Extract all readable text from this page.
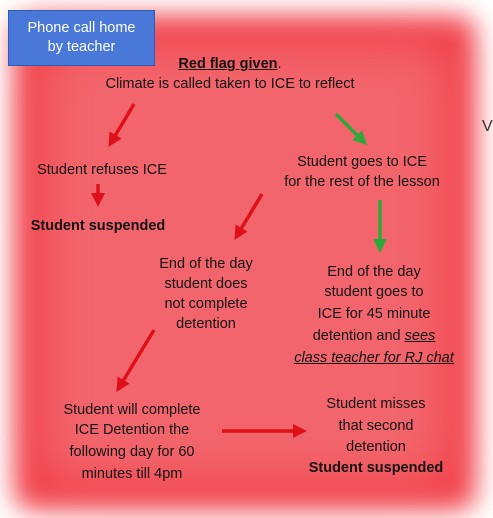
Phone call home
by teacher
Red flag given.
Climate is called taken to ICE to reflect
Student refuses ICE
Student suspended
Student goes to ICE
for the rest of the lesson
End of the day
student does
not complete
detention
End of the day
student goes to
ICE for 45 minute
detention and sees
class teacher for RJ chat
Student will complete
ICE Detention the
following day for 60
minutes till 4pm
Student misses
that second
detention
Student suspended
V
